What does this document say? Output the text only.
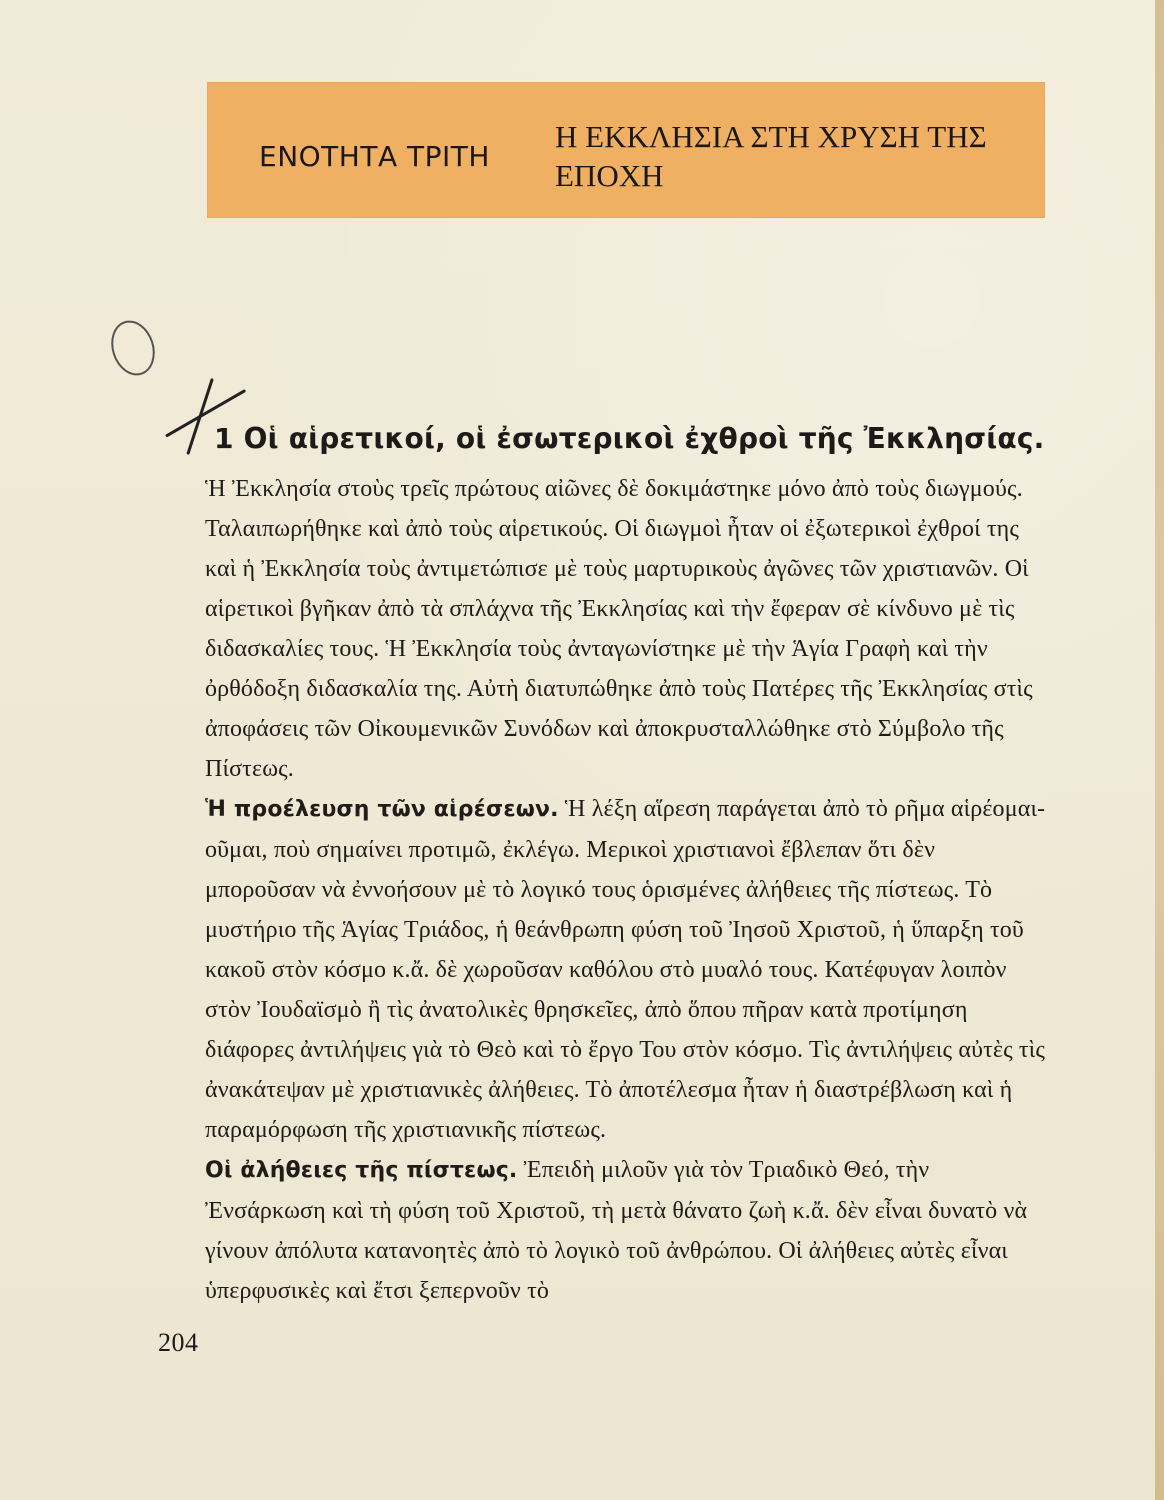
ΕΝΟΤΗΤΑ ΤΡΙΤΗ
Η ΕΚΚΛΗΣΙΑ ΣΤΗ ΧΡΥΣΗ ΤΗΣ
ΕΠΟΧΗ
1 Οἱ αἱρετικοί, οἱ ἐσωτερικοὶ ἐχθροὶ τῆς Ἐκκλησίας.

Ἡ Ἐκκλησία στοὺς τρεῖς πρώτους αἰῶνες δὲ δοκιμάστηκε μόνο ἀπὸ τοὺς διωγμούς. Ταλαιπωρήθηκε καὶ ἀπὸ τοὺς αἱρετικούς. Οἱ διωγμοὶ ἦταν οἱ ἐξωτερικοὶ ἐχθροί της καὶ ἡ Ἐκκλησία τοὺς ἀντιμετώπισε μὲ τοὺς μαρτυρικοὺς ἀγῶνες τῶν χριστιανῶν. Οἱ αἱρετικοὶ βγῆκαν ἀπὸ τὰ σπλάχνα τῆς Ἐκκλησίας καὶ τὴν ἔφεραν σὲ κίνδυνο μὲ τὶς διδασκαλίες τους. Ἡ Ἐκκλησία τοὺς ἀνταγωνίστηκε μὲ τὴν Ἁγία Γραφὴ καὶ τὴν ὀρθόδοξη διδασκαλία της. Αὐτὴ διατυπώθηκε ἀπὸ τοὺς Πατέρες τῆς Ἐκκλησίας στὶς ἀποφάσεις τῶν Οἰκουμενικῶν Συνόδων καὶ ἀποκρυσταλλώθηκε στὸ Σύμβολο τῆς Πίστεως.

Ἡ προέλευση τῶν αἱρέσεων. Ἡ λέξη αἵρεση παράγεται ἀπὸ τὸ ρῆμα αἱρέομαι-οῦμαι, ποὺ σημαίνει προτιμῶ, ἐκλέγω. Μερικοὶ χριστιανοὶ ἔβλεπαν ὅτι δὲν μποροῦσαν νὰ ἐννοήσουν μὲ τὸ λογικό τους ὁρισμένες ἀλήθειες τῆς πίστεως. Τὸ μυστήριο τῆς Ἁγίας Τριάδος, ἡ θεάνθρωπη φύση τοῦ Ἰησοῦ Χριστοῦ, ἡ ὕπαρξη τοῦ κακοῦ στὸν κόσμο κ.ἄ. δὲ χωροῦσαν καθόλου στὸ μυαλό τους. Κατέφυγαν λοιπὸν στὸν Ἰουδαϊσμὸ ἢ τὶς ἀνατολικὲς θρησκεῖες, ἀπὸ ὅπου πῆραν κατὰ προτίμηση διάφορες ἀντιλήψεις γιὰ τὸ Θεὸ καὶ τὸ ἔργο Του στὸν κόσμο. Τὶς ἀντιλήψεις αὐτὲς τὶς ἀνακάτεψαν μὲ χριστιανικὲς ἀλήθειες. Τὸ ἀποτέλεσμα ἦταν ἡ διαστρέβλωση καὶ ἡ παραμόρφωση τῆς χριστιανικῆς πίστεως.

Οἱ ἀλήθειες τῆς πίστεως. Ἐπειδὴ μιλοῦν γιὰ τὸν Τριαδικὸ Θεό, τὴν Ἐνσάρκωση καὶ τὴ φύση τοῦ Χριστοῦ, τὴ μετὰ θάνατο ζωὴ κ.ἄ. δὲν εἶναι δυνατὸ νὰ γίνουν ἀπόλυτα κατανοητὲς ἀπὸ τὸ λογικὸ τοῦ ἀνθρώπου. Οἱ ἀλήθειες αὐτὲς εἶναι ὑπερφυσικὲς καὶ ἔτσι ξεπερνοῦν τὸ

204
